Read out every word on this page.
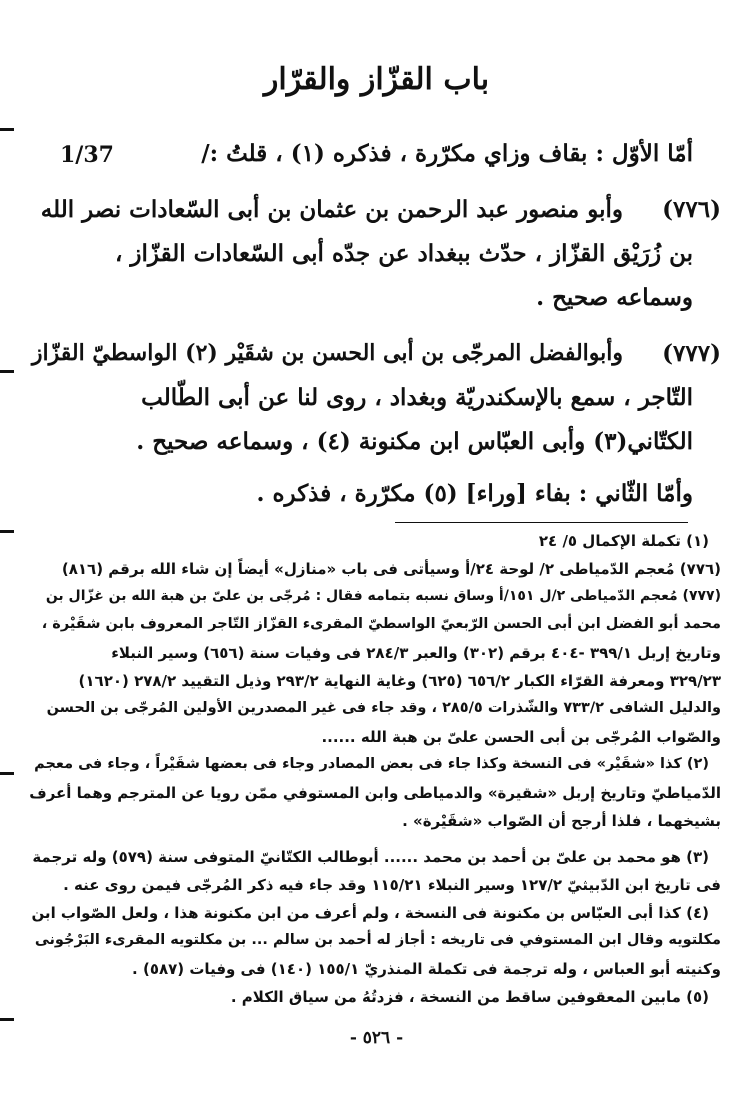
باب القزّاز والقرّار
1/37	أمّا الأوّل : بقاف وزاي مكرّرة ، فذكره (١) ، قلتُ :/
وأبو منصور عبد الرحمن بن عثمان بن أبى السّعادات نصر الله
بن زُرَيْق القزّاز ، حدّث ببغداد عن جدّه أبى السّعادات القزّاز ،
وسماعه صحيح .
وأبوالفضل المرجّى بن أبى الحسن بن شقَيْر (٢) الواسطيّ القزّاز
التّاجر ، سمع بالإسكندريّة وبغداد ، روى لنا عن أبى الطّالب
الكتّاني(٣) وأبى العبّاس ابن مكنونة (٤) ، وسماعه صحيح .
وأمّا الثّاني : بفاء [وراء] (٥) مكرّرة ، فذكره .
(٧٧٦)
(٧٧٧)
(١) تكملة الإكمال ٥/ ٢٤
(٧٧٦) مُعجم الدّمياطى ٢/ لوحة ٢٤/أ وسيأتى فى باب «منازل» أيضاً إن شاء الله برقم (٨١٦)
(٧٧٧) مُعجم الدّمياطى ٢/ل ١٥١/أ وساق نسبه بتمامه فقال : مُرجّى بن علىّ بن هبة الله بن غزّال بن
محمد أبو الفضل ابن أبى الحسن الرّبعيّ الواسطيّ المقرىء القزّاز التّاجر المعروف بابن شقَيْرة ،
وتاريخ إربل ٣٩٩/١ -٤٠٤ برقم (٣٠٢) والعبر ٢٨٤/٣ فى وفيات سنة (٦٥٦) وسير النبلاء
٣٢٩/٢٣ ومعرفة القرّاء الكبار ٦٥٦/٢ (٦٢٥) وغاية النهاية ٢٩٣/٢ وذيل التقييد ٢٧٨/٢ (١٦٢٠)
والدليل الشافى ٧٣٣/٢ والشّذرات ٢٨٥/٥ ، وقد جاء فى غير المصدرين الأولين المُرجّى بن الحسن
والصّواب المُرجّى بن أبى الحسن علىّ بن هبة الله ......
(٢) كذا «شقَيْر» فى النسخة وكذا جاء فى بعض المصادر وجاء فى بعضها شقَيْراً ، وجاء فى معجم
الدّمياطيّ وتاريخ إربل «شقيرة» والدمياطى وابن المستوفي ممّن رويا عن المترجم وهما أعرف
بشيخهما ، فلذا أرجح أن الصّواب «شقَيْرة» .
(٣) هو محمد بن علىّ بن أحمد بن محمد ...... أبوطالب الكتّانيّ المتوفى سنة (٥٧٩) وله ترجمة
فى تاريخ ابن الدّبيثيّ ١٢٧/٢ وسير النبلاء ١١٥/٢١ وقد جاء فيه ذكر المُرجّى فيمن روى عنه .
(٤) كذا أبى العبّاس بن مكنونة فى النسخة ، ولم أعرف من ابن مكنونة هذا ، ولعل الصّواب ابن
مكلتويه وقال ابن المستوفي فى تاريخه : أجاز له أحمد بن سالم ... بن مكلتويه المقرىء البَرْجُونى
وكنيته أبو العباس ، وله ترجمة فى تكملة المنذريّ ١٥٥/١ (١٤٠) فى وفيات (٥٨٧) .
(٥) مابين المعقوفين ساقط من النسخة ، فزدتُهُ من سياق الكلام .
- ٥٢٦ -
